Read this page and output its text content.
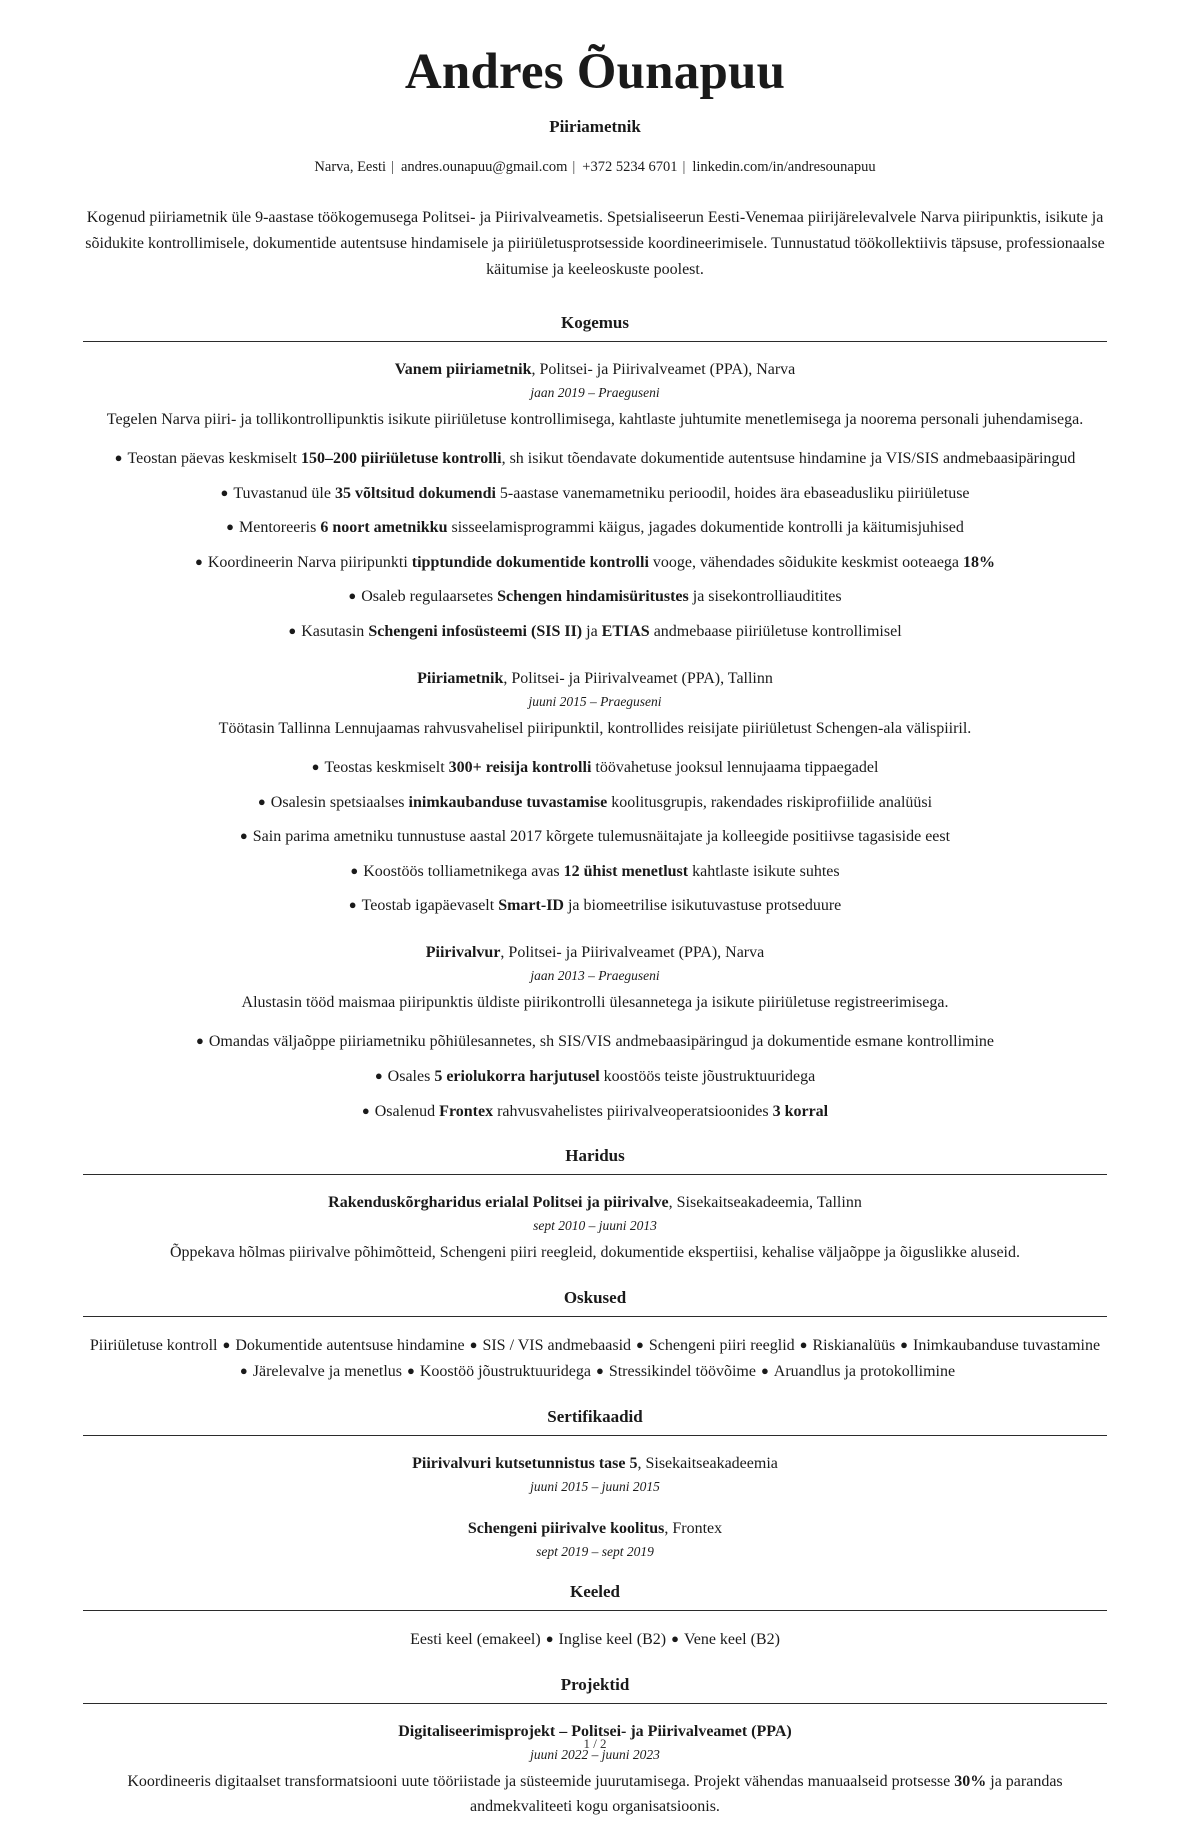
Andres Õunapuu
Piiriametnik
Narva, Eesti | andres.ounapuu@gmail.com | +372 5234 6701 | linkedin.com/in/andresounapuu

Kogenud piiriametnik üle 9-aastase töökogemusega Politsei- ja Piirivalveametis. Spetsialiseerun Eesti-Venemaa piirijärelevalvele Narva piiripunktis, isikute ja sõidukite kontrollimisele, dokumentide autentsuse hindamisele ja piiriületusprotsesside koordineerimisele. Tunnustatud töökollektiivis täpsuse, professionaalse käitumise ja keeleoskuste poolest.

Kogemus
Vanem piiriametnik, Politsei- ja Piirivalveamet (PPA), Narva
jaan 2019 – Praeguseni
Tegelen Narva piiri- ja tollikontrollipunktis isikute piiriületuse kontrollimisega, kahtlaste juhtumite menetlemisega ja noorema personali juhendamisega.
● Teostan päevas keskmiselt 150–200 piiriületuse kontrolli, sh isikut tõendavate dokumentide autentsuse hindamine ja VIS/SIS andmebaasipäringud
● Tuvastanud üle 35 võltsitud dokumendi 5-aastase vanemametniku perioodil, hoides ära ebaseadusliku piiriületuse
● Mentoreeris 6 noort ametnikku sisseelamisprogrammi käigus, jagades dokumentide kontrolli ja käitumisjuhised
● Koordineerin Narva piiripunkti tipptundide dokumentide kontrolli vooge, vähendades sõidukite keskmist ooteaega 18%
● Osaleb regulaarsetes Schengen hindamisüritustes ja sisekontrolliauditites
● Kasutasin Schengeni infosüsteemi (SIS II) ja ETIAS andmebaase piiriületuse kontrollimisel
Piiriametnik, Politsei- ja Piirivalveamet (PPA), Tallinn
juuni 2015 – Praeguseni
Töötasin Tallinna Lennujaamas rahvusvahelisel piiripunktil, kontrollides reisijate piiriületust Schengen-ala välispiiril.
● Teostas keskmiselt 300+ reisija kontrolli töövahetuse jooksul lennujaama tippaegadel
● Osalesin spetsiaalses inimkaubanduse tuvastamise koolitusgrupis, rakendades riskiprofiilide analüüsi
● Sain parima ametniku tunnustuse aastal 2017 kõrgete tulemusnäitajate ja kolleegide positiivse tagasiside eest
● Koostöös tolliametnikega avas 12 ühist menetlust kahtlaste isikute suhtes
● Teostab igapäevaselt Smart-ID ja biomeetrilise isikutuvastuse protseduure
Piirivalvur, Politsei- ja Piirivalveamet (PPA), Narva
jaan 2013 – Praeguseni
Alustasin tööd maismaa piiripunktis üldiste piirikontrolli ülesannetega ja isikute piiriületuse registreerimisega.
● Omandas väljaõppe piiriametniku põhiülesannetes, sh SIS/VIS andmebaasipäringud ja dokumentide esmane kontrollimine
● Osales 5 eriolukorra harjutusel koostöös teiste jõustruktuuridega
● Osalenud Frontex rahvusvahelistes piirivalveoperatsioonides 3 korral
Haridus
Rakenduskõrgharidus erialal Politsei ja piirivalve, Sisekaitseakadeemia, Tallinn
sept 2010 – juuni 2013
Õppekava hõlmas piirivalve põhimõtteid, Schengeni piiri reegleid, dokumentide ekspertiisi, kehalise väljaõppe ja õiguslikke aluseid.
Oskused
Piiriületuse kontroll ● Dokumentide autentsuse hindamine ● SIS / VIS andmebaasid ● Schengeni piiri reeglid ● Riskianalüüs ● Inimkaubanduse tuvastamine● Järelevalve ja menetlus ● Koostöö jõustruktuuridega ● Stressikindel töövõime ● Aruandlus ja protokollimine
Sertifikaadid
Piirivalvuri kutsetunnistus tase 5, Sisekaitseakadeemia
juuni 2015 – juuni 2015
Schengeni piirivalve koolitus, Frontex
sept 2019 – sept 2019
Keeled
Eesti keel (emakeel) ● Inglise keel (B2) ● Vene keel (B2)
Projektid
Digitaliseerimisprojekt – Politsei- ja Piirivalveamet (PPA)
juuni 2022 – juuni 2023
Koordineeris digitaalset transformatsiooni uute tööriistade ja süsteemide juurutamisega. Projekt vähendas manuaalseid protsesse 30% ja parandas andmekvaliteeti kogu organisatsioonis.
1 / 2
